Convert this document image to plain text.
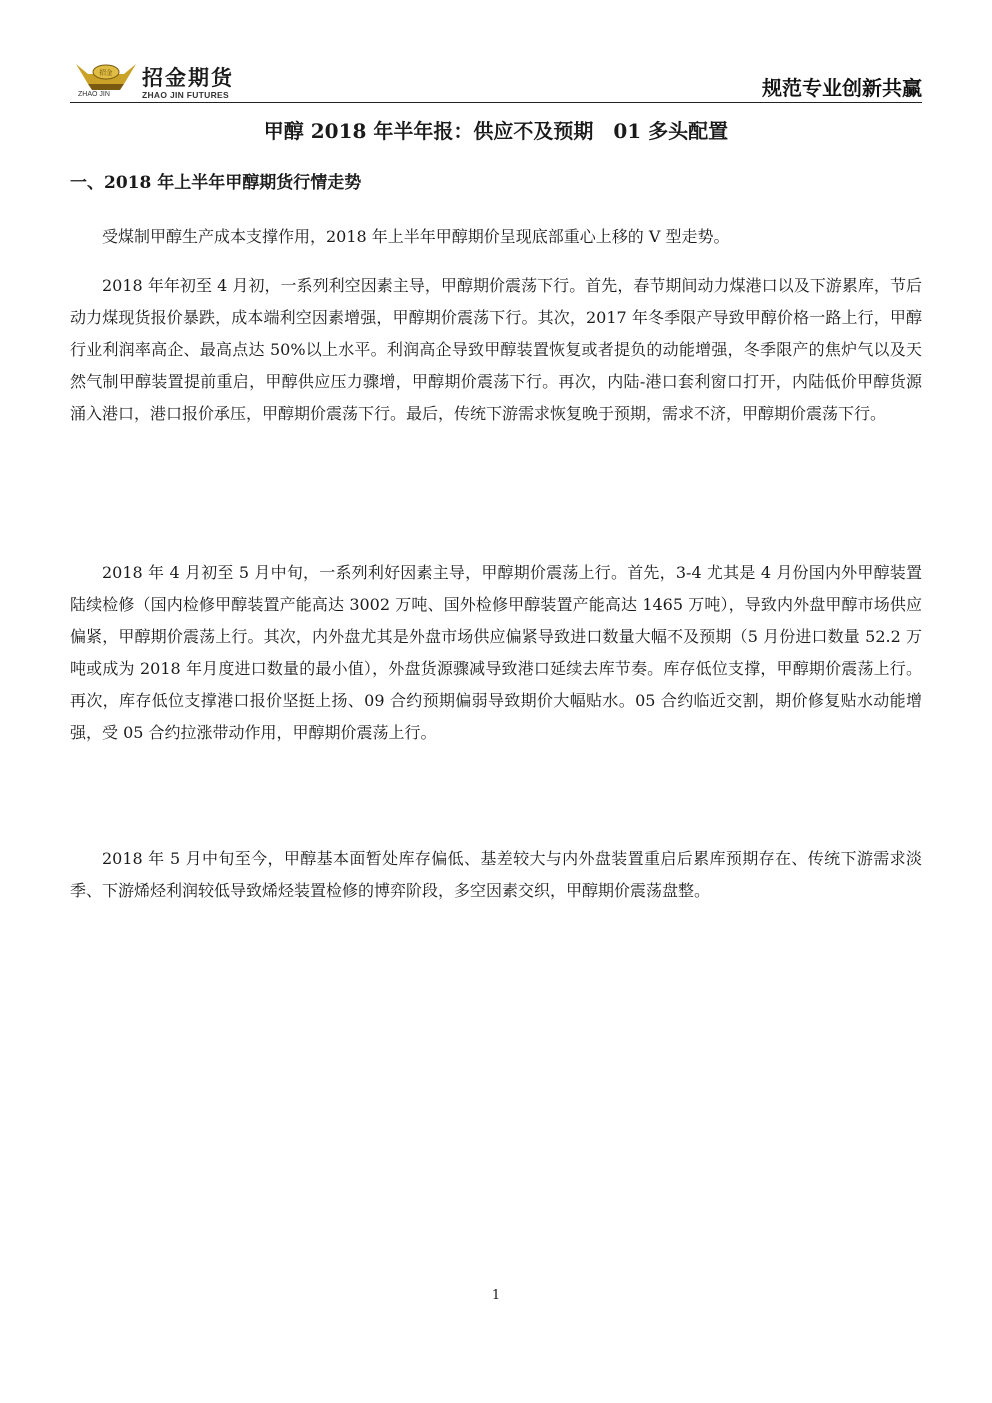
招金 招金期货
ZHAO JIN	ZHAO JIN FUTURES	规范专业创新共赢
甲醇 2018 年半年报：供应不及预期　01 多头配置
一、2018 年上半年甲醇期货行情走势

受煤制甲醇生产成本支撑作用，2018 年上半年甲醇期价呈现底部重心上移的 V 型走势。

2018 年年初至 4 月初，一系列利空因素主导，甲醇期价震荡下行。首先，春节期间动力煤港口以及下游累库，节后动力煤现货报价暴跌，成本端利空因素增强，甲醇期价震荡下行。其次，2017 年冬季限产导致甲醇价格一路上行，甲醇行业利润率高企、最高点达 50%以上水平。利润高企导致甲醇装置恢复或者提负的动能增强，冬季限产的焦炉气以及天然气制甲醇装置提前重启，甲醇供应压力骤增，甲醇期价震荡下行。再次，内陆-港口套利窗口打开，内陆低价甲醇货源涌入港口，港口报价承压，甲醇期价震荡下行。最后，传统下游需求恢复晚于预期，需求不济，甲醇期价震荡下行。

2018 年 4 月初至 5 月中旬，一系列利好因素主导，甲醇期价震荡上行。首先，3-4 尤其是 4 月份国内外甲醇装置陆续检修（国内检修甲醇装置产能高达 3002 万吨、国外检修甲醇装置产能高达 1465 万吨），导致内外盘甲醇市场供应偏紧，甲醇期价震荡上行。其次，内外盘尤其是外盘市场供应偏紧导致进口数量大幅不及预期（5 月份进口数量 52.2 万吨或成为 2018 年月度进口数量的最小值），外盘货源骤减导致港口延续去库节奏。库存低位支撑，甲醇期价震荡上行。再次，库存低位支撑港口报价坚挺上扬、09 合约预期偏弱导致期价大幅贴水。05 合约临近交割，期价修复贴水动能增强，受 05 合约拉涨带动作用，甲醇期价震荡上行。

2018 年 5 月中旬至今，甲醇基本面暂处库存偏低、基差较大与内外盘装置重启后累库预期存在、传统下游需求淡季、下游烯烃利润较低导致烯烃装置检修的博弈阶段，多空因素交织，甲醇期价震荡盘整。

1
